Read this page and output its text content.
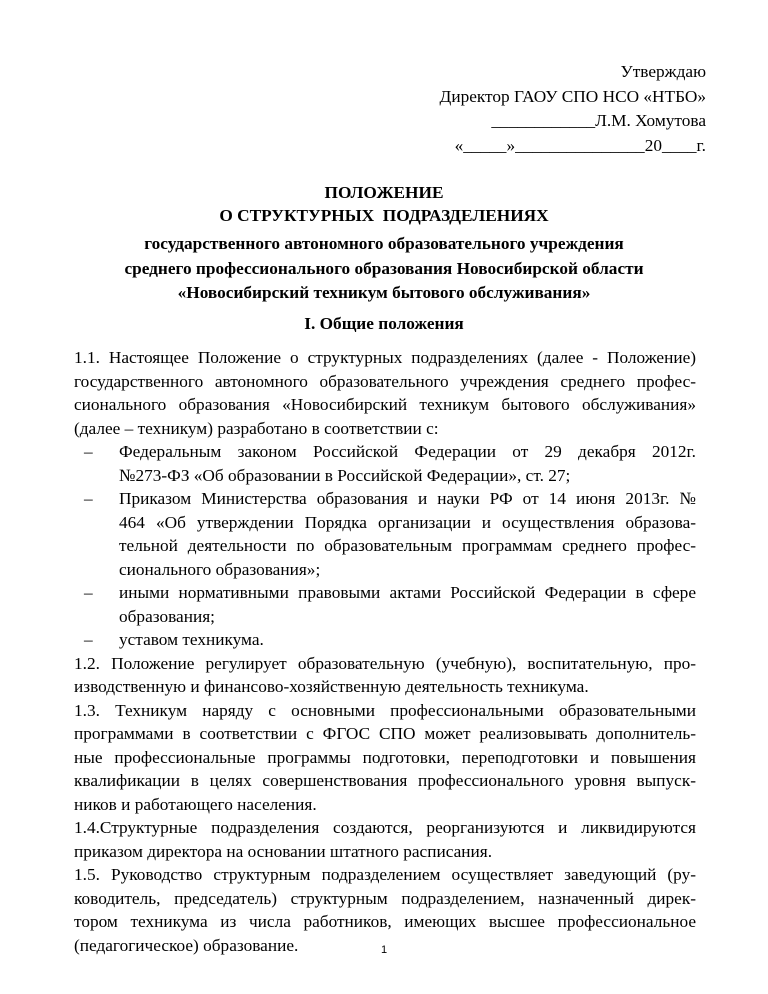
Утверждаю
Директор ГАОУ СПО НСО «НТБО»
____________Л.М. Хомутова
«_____»_______________20____г.
ПОЛОЖЕНИЕ
О СТРУКТУРНЫХ  ПОДРАЗДЕЛЕНИЯХ
государственного автономного образовательного учреждения
среднего профессионального образования Новосибирской области
«Новосибирский техникум бытового обслуживания»
I. Общие положения
1.1. Настоящее Положение о структурных подразделениях (далее - Положение)
государственного автономного образовательного учреждения среднего профес-
сионального образования «Новосибирский техникум бытового обслуживания»
(далее – техникум) разработано в соответствии с:
–	Федеральным законом Российской Федерации от 29 декабря 2012г.
№273-ФЗ «Об образовании в Российской Федерации», ст. 27;
–	Приказом Министерства образования и науки РФ от 14 июня 2013г. №
464 «Об утверждении Порядка организации и осуществления образова-
тельной деятельности по образовательным программам среднего профес-
сионального образования»;
–	иными нормативными правовыми актами Российской Федерации в сфере
образования;
–	уставом техникума.
1.2. Положение регулирует образовательную (учебную), воспитательную, про-
изводственную и финансово-хозяйственную деятельность техникума.
1.3. Техникум наряду с основными профессиональными образовательными
программами в соответствии с ФГОС СПО может реализовывать дополнитель-
ные профессиональные программы подготовки, переподготовки и повышения
квалификации в целях совершенствования профессионального уровня выпуск-
ников и работающего населения.
1.4.Структурные подразделения создаются, реорганизуются и ликвидируются
приказом директора на основании штатного расписания.
1.5. Руководство структурным подразделением осуществляет заведующий (ру-
ководитель, председатель) структурным подразделением, назначенный дирек-
тором техникума из числа работников, имеющих высшее профессиональное
(педагогическое) образование.	1
